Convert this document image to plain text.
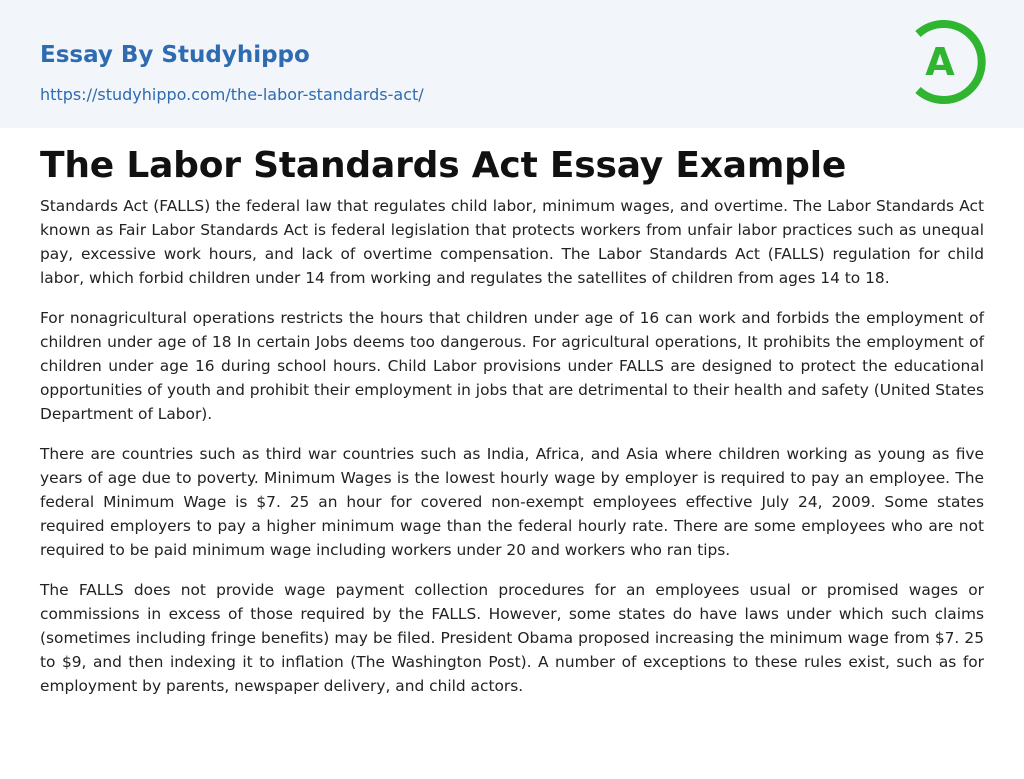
Essay By Studyhippo
https://studyhippo.com/the-labor-standards-act/
A
The Labor Standards Act Essay Example

Standards Act (FALLS) the federal law that regulates child labor, minimum wages, and overtime. The Labor Standards Act known as Fair Labor Standards Act is federal legislation that protects workers from unfair labor practices such as unequal pay, excessive work hours, and lack of overtime compensation. The Labor Standards Act (FALLS) regulation for child labor, which forbid children under 14 from working and regulates the satellites of children from ages 14 to 18.

For nonagricultural operations restricts the hours that children under age of 16 can work and forbids the employment of children under age of 18 In certain Jobs deems too dangerous. For agricultural operations, It prohibits the employment of children under age 16 during school hours. Child Labor provisions under FALLS are designed to protect the educational opportunities of youth and prohibit their employment in jobs that are detrimental to their health and safety (United States Department of Labor).

There are countries such as third war countries such as India, Africa, and Asia where children working as young as five years of age due to poverty. Minimum Wages is the lowest hourly wage by employer is required to pay an employee. The federal Minimum Wage is $7. 25 an hour for covered non-exempt employees effective July 24, 2009. Some states required employers to pay a higher minimum wage than the federal hourly rate. There are some employees who are not required to be paid minimum wage including workers under 20 and workers who ran tips.

The FALLS does not provide wage payment collection procedures for an employees usual or promised wages or commissions in excess of those required by the FALLS. However, some states do have laws under which such claims (sometimes including fringe benefits) may be filed. President Obama proposed increasing the minimum wage from $7. 25 to $9, and then indexing it to inflation (The Washington Post). A number of exceptions to these rules exist, such as for employment by parents, newspaper delivery, and child actors.
